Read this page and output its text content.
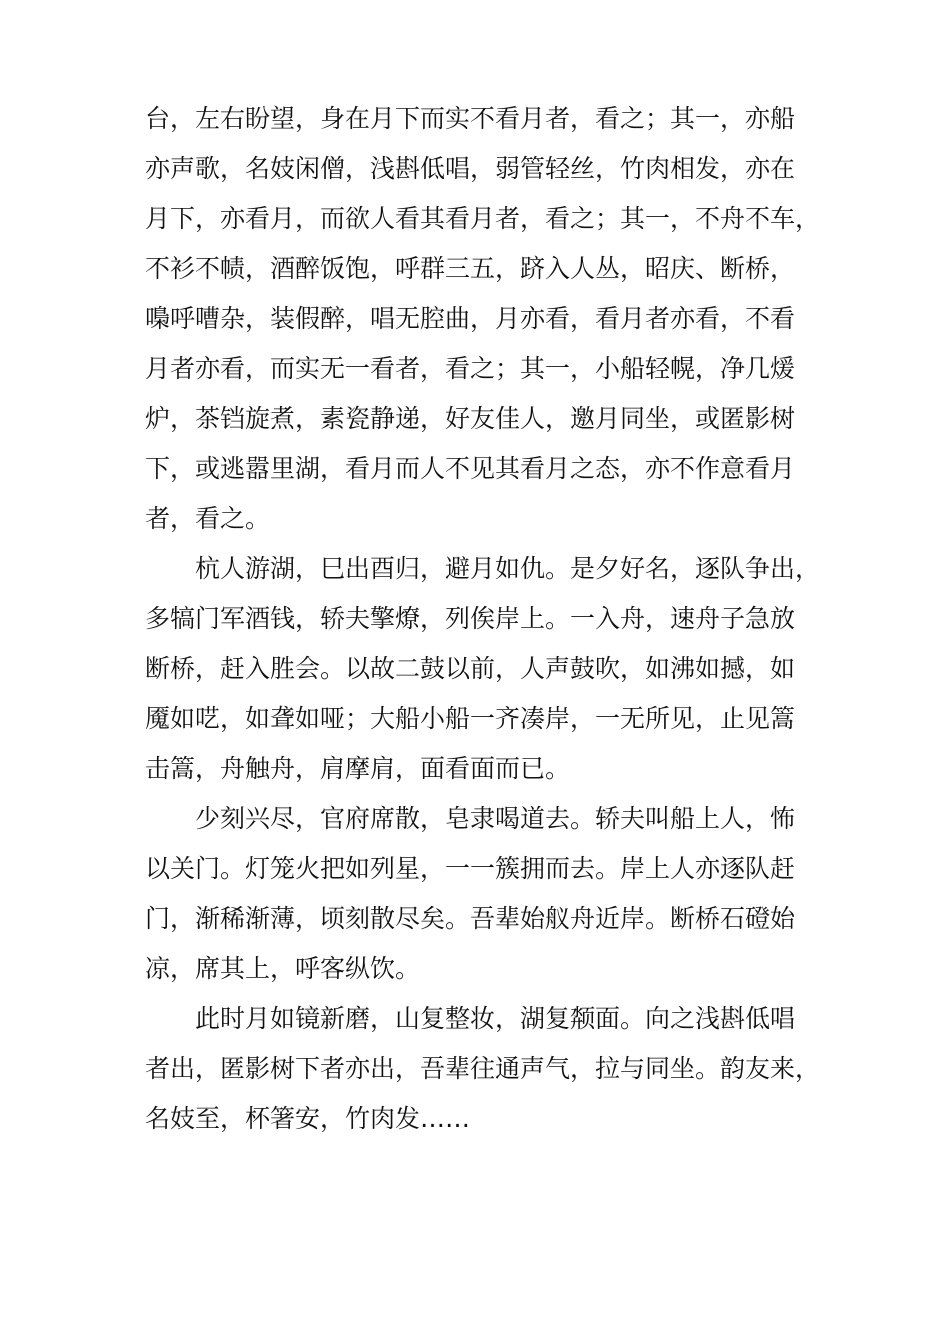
台，左右盼望，身在月下而实不看月者，看之；其一，亦船
亦声歌，名妓闲僧，浅斟低唱，弱管轻丝，竹肉相发，亦在
月下，亦看月，而欲人看其看月者，看之；其一，不舟不车，
不衫不帻，酒醉饭饱，呼群三五，跻入人丛，昭庆、断桥，
嘄呼嘈杂，装假醉，唱无腔曲，月亦看，看月者亦看，不看
月者亦看，而实无一看者，看之；其一，小船轻幌，净几煖
炉，茶铛旋煮，素瓷静递，好友佳人，邀月同坐，或匿影树
下，或逃嚣里湖，看月而人不见其看月之态，亦不作意看月
者，看之。
　　杭人游湖，巳出酉归，避月如仇。是夕好名，逐队争出，
多犒门军酒钱，轿夫擎燎，列俟岸上。一入舟，速舟子急放
断桥，赶入胜会。以故二鼓以前，人声鼓吹，如沸如撼，如
魇如呓，如聋如哑；大船小船一齐凑岸，一无所见，止见篙
击篙，舟触舟，肩摩肩，面看面而已。
　　少刻兴尽，官府席散，皂隶喝道去。轿夫叫船上人，怖
以关门。灯笼火把如列星，一一簇拥而去。岸上人亦逐队赶
门，渐稀渐薄，顷刻散尽矣。吾辈始舣舟近岸。断桥石磴始
凉，席其上，呼客纵饮。
　　此时月如镜新磨，山复整妆，湖复颒面。向之浅斟低唱
者出，匿影树下者亦出，吾辈往通声气，拉与同坐。韵友来，
名妓至，杯箸安，竹肉发……
